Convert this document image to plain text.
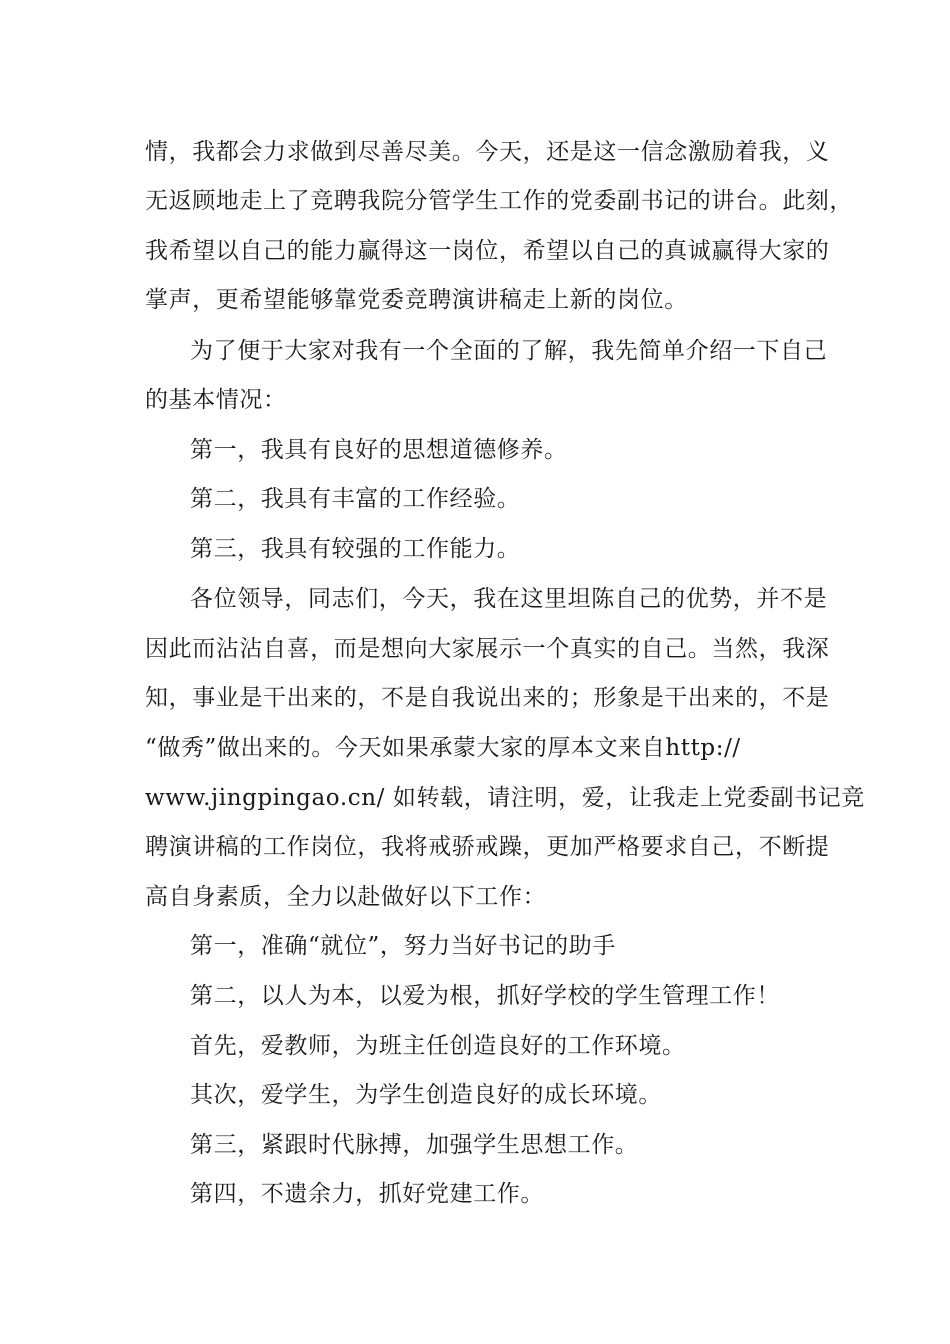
情，我都会力求做到尽善尽美。今天，还是这一信念激励着我，义
无返顾地走上了竞聘我院分管学生工作的党委副书记的讲台。此刻，
我希望以自己的能力赢得这一岗位，希望以自己的真诚赢得大家的
掌声，更希望能够靠党委竞聘演讲稿走上新的岗位。
为了便于大家对我有一个全面的了解，我先简单介绍一下自己
的基本情况：
第一，我具有良好的思想道德修养。
第二，我具有丰富的工作经验。
第三，我具有较强的工作能力。
各位领导，同志们，今天，我在这里坦陈自己的优势，并不是
因此而沾沾自喜，而是想向大家展示一个真实的自己。当然，我深
知，事业是干出来的，不是自我说出来的；形象是干出来的，不是
“做秀”做出来的。今天如果承蒙大家的厚本文来自http://
www.jingpingao.cn/ 如转载，请注明，爱，让我走上党委副书记竞
聘演讲稿的工作岗位，我将戒骄戒躁，更加严格要求自己，不断提
高自身素质，全力以赴做好以下工作：
第一，准确“就位”，努力当好书记的助手
第二，以人为本，以爱为根，抓好学校的学生管理工作！
首先，爱教师，为班主任创造良好的工作环境。
其次，爱学生，为学生创造良好的成长环境。
第三，紧跟时代脉搏，加强学生思想工作。
第四，不遗余力，抓好党建工作。
